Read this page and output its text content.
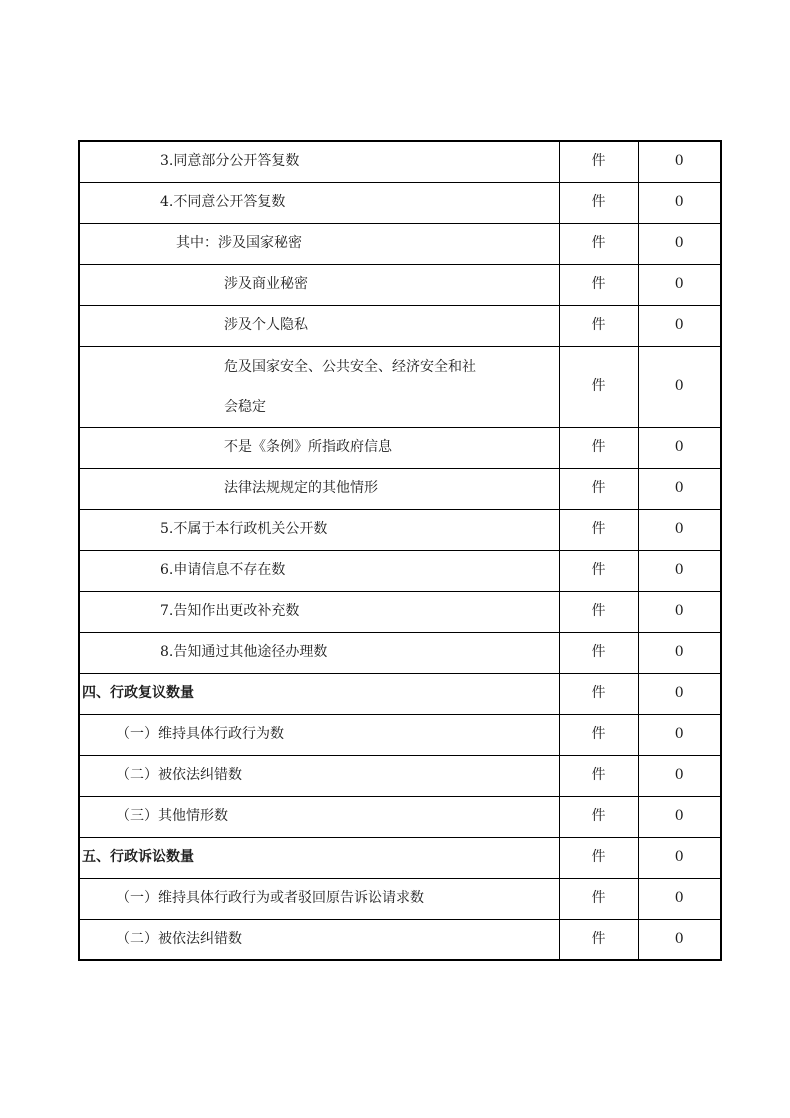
3.同意部分公开答复数	件	0
4.不同意公开答复数	件	0
其中：涉及国家秘密	件	0
涉及商业秘密	件	0
涉及个人隐私	件	0

危及国家安全、公共安全、经济安全和社
会稳定	件	0
不是《条例》所指政府信息	件	0
法律法规规定的其他情形	件	0
5.不属于本行政机关公开数	件	0
6.申请信息不存在数	件	0
7.告知作出更改补充数	件	0
8.告知通过其他途径办理数	件	0
四、行政复议数量	件	0
（一）维持具体行政行为数	件	0
（二）被依法纠错数	件	0
（三）其他情形数	件	0
五、行政诉讼数量	件	0
（一）维持具体行政行为或者驳回原告诉讼请求数	件	0
（二）被依法纠错数	件	0
